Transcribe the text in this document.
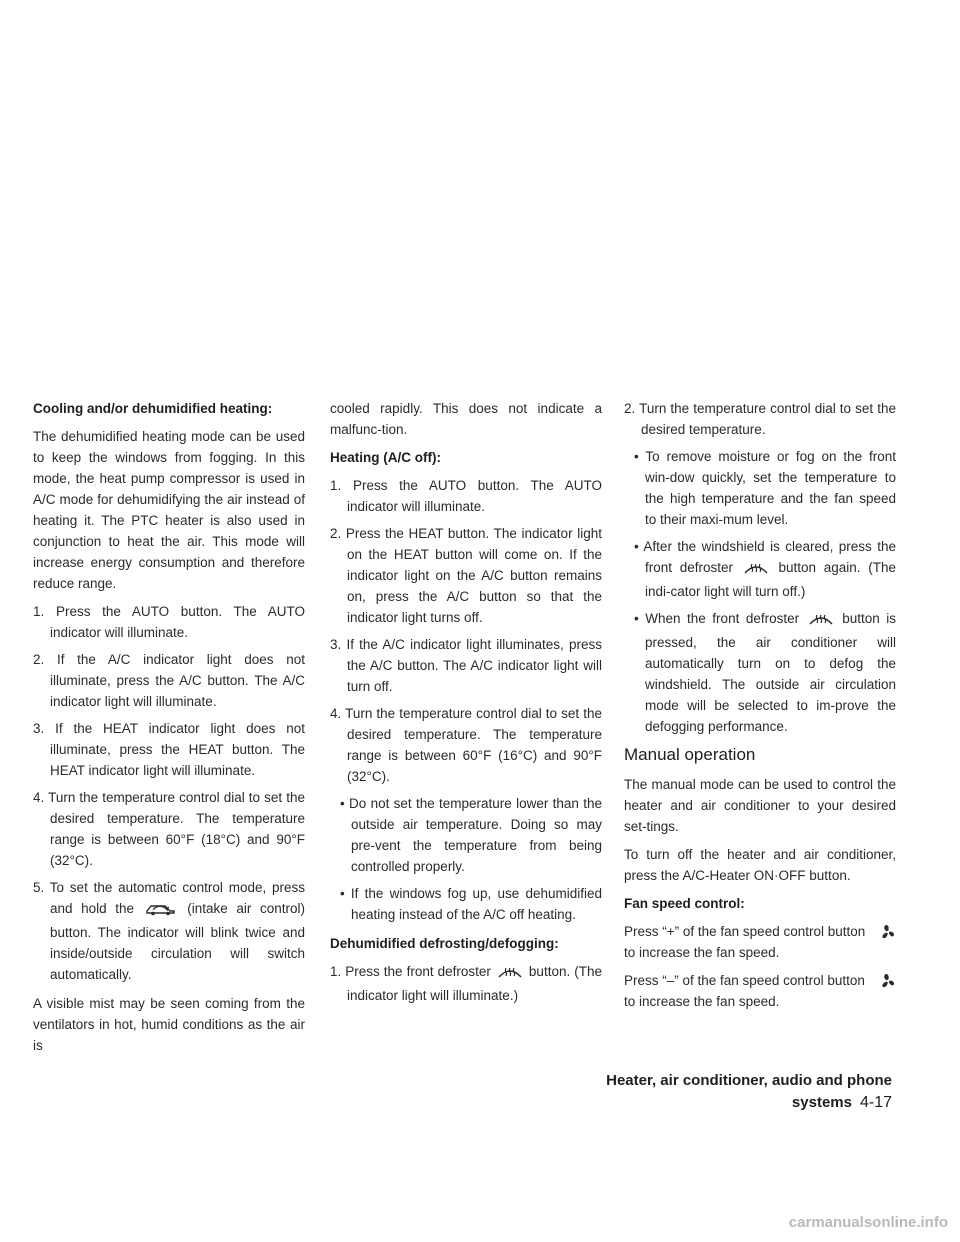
Cooling and/or dehumidified heating:

The dehumidified heating mode can be used to keep the windows from fogging. In this mode, the heat pump compressor is used in A/C mode for dehumidifying the air instead of heating it. The PTC heater is also used in conjunction to heat the air. This mode will increase energy consumption and therefore reduce range.

1. Press the AUTO button. The AUTO indicator will illuminate.
2. If the A/C indicator light does not illuminate, press the A/C button. The A/C indicator light will illuminate.
3. If the HEAT indicator light does not illuminate, press the HEAT button. The HEAT indicator light will illuminate.
4. Turn the temperature control dial to set the desired temperature. The temperature range is between 60°F (18°C) and 90°F (32°C).
5. To set the automatic control mode, press and hold the	(intake air control) button. The indicator will blink twice and inside/outside circulation will switch automatically.

A visible mist may be seen coming from the ventilators in hot, humid conditions as the air is

cooled rapidly. This does not indicate a malfunc-tion.

Heating (A/C off):
1. Press the AUTO button. The AUTO indicator will illuminate.
2. Press the HEAT button. The indicator light on the HEAT button will come on. If the indicator light on the A/C button remains on, press the A/C button so that the indicator light turns off.
3. If the A/C indicator light illuminates, press the A/C button. The A/C indicator light will turn off.
4. Turn the temperature control dial to set the desired temperature. The temperature range is between 60°F (16°C) and 90°F (32°C).
• Do not set the temperature lower than the outside air temperature. Doing so may pre-vent the temperature from being controlled properly.
• If the windows fog up, use dehumidified heating instead of the A/C off heating.
Dehumidified defrosting/defogging:
1. Press the front defroster	button. (The indicator light will illuminate.)
2. Turn the temperature control dial to set the desired temperature.
• To remove moisture or fog on the front win-dow quickly, set the temperature to the high temperature and the fan speed to their maxi-mum level.
• After the windshield is cleared, press the front defroster	button again. (The indi-cator light will turn off.)
• When the front defroster	button is pressed, the air conditioner will automatically turn on to defog the windshield. The outside air circulation mode will be selected to im-prove the defogging performance.
Manual operation

The manual mode can be used to control the heater and air conditioner to your desired set-tings.

To turn off the heater and air conditioner, press the A/C-Heater ON·OFF button.

Fan speed control:

Press “+” of the fan speed control button

to increase the fan speed.

Press “–” of the fan speed control button

to increase the fan speed.

Heater, air conditioner, audio and phone systems 4-17
carmanualsonline.info
